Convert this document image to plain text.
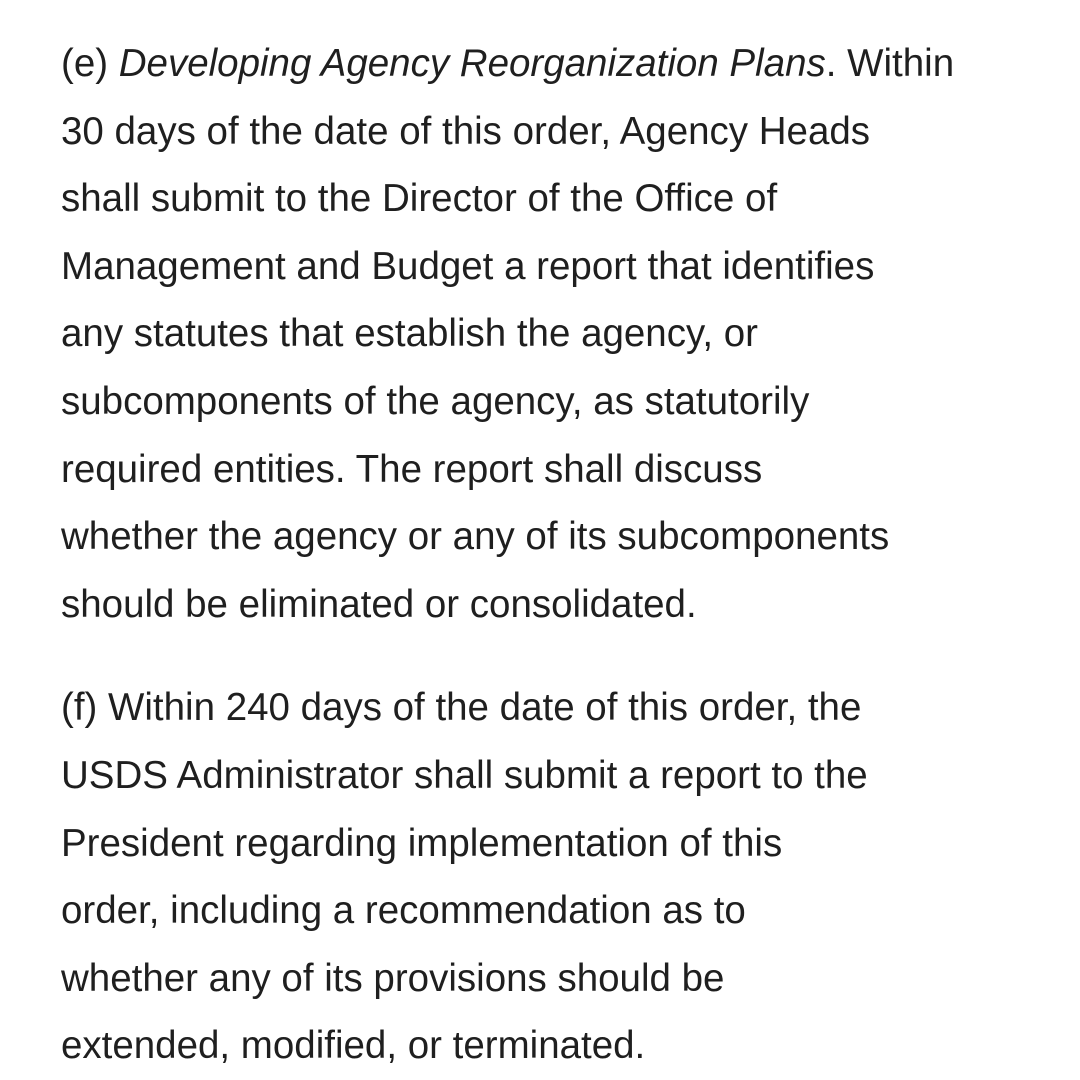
(e) Developing Agency Reorganization Plans. Within
30 days of the date of this order, Agency Heads
shall submit to the Director of the Office of
Management and Budget a report that identifies
any statutes that establish the agency, or
subcomponents of the agency, as statutorily
required entities. The report shall discuss
whether the agency or any of its subcomponents
should be eliminated or consolidated.

(f) Within 240 days of the date of this order, the
USDS Administrator shall submit a report to the
President regarding implementation of this
order, including a recommendation as to
whether any of its provisions should be
extended, modified, or terminated.
